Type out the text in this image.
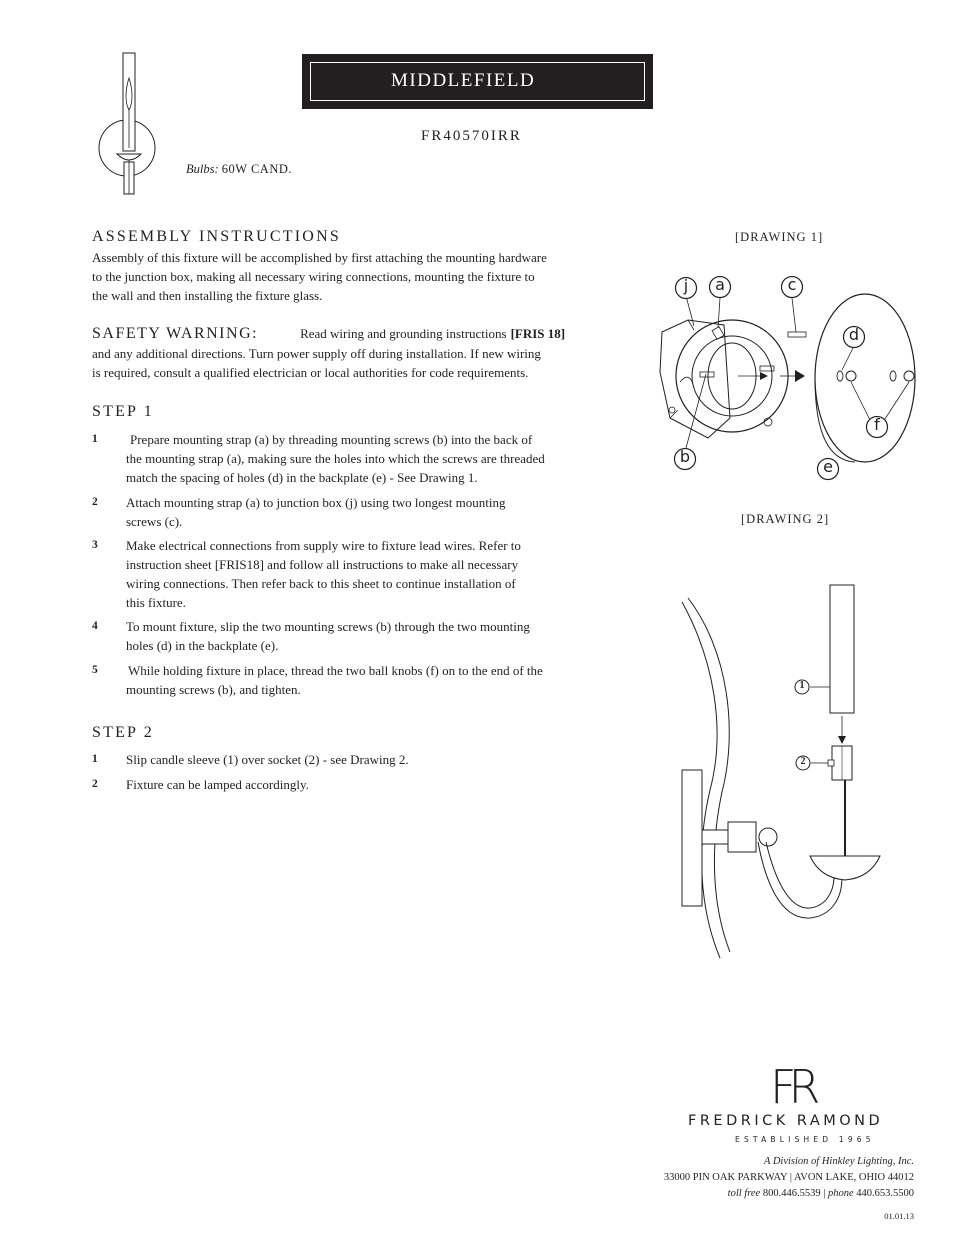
MIDDLEFIELD
FR40570IRR
Bulbs: 60W CAND.
ASSEMBLY INSTRUCTIONS
Assembly of this fixture will be accomplished by first attaching the mounting hardware
to the junction box, making all necessary wiring connections, mounting the fixture to
the wall and then installing the fixture glass.
SAFETY WARNING:	Read wiring and grounding instructions [FRIS 18]
and any additional directions. Turn power supply off during installation. If new wiring
is required, consult a qualified electrician or local authorities for code requirements.
STEP 1
1	Prepare mounting strap (a) by threading mounting screws (b) into the back of
the mounting strap (a), making sure the holes into which the screws are threaded
match the spacing of holes (d) in the backplate (e) - See Drawing 1.
2 Attach mounting strap (a) to junction box (j) using two longest mounting
screws (c).
3 Make electrical connections from supply wire to fixture lead wires. Refer to
instruction sheet [FRIS18] and follow all instructions to make all necessary
wiring connections. Then refer back to this sheet to continue installation of
this fixture.
4 To mount fixture, slip the two mounting screws (b) through the two mounting
holes (d) in the backplate (e).
5 While holding fixture in place, thread the two ball knobs (f) on to the end of the
mounting screws (b), and tighten.
STEP 2
1 Slip candle sleeve (1) over socket (2) - see Drawing 2.
2 Fixture can be lamped accordingly.
[DRAWING 1]
j	a	c
d
f
b
e
[DRAWING 2]
1
2
FR
FREDRICK RAMOND
ESTABLISHED 1965
A Division of Hinkley Lighting, Inc.
33000 PIN OAK PARKWAY | AVON LAKE, OHIO 44012
toll free 800.446.5539 | phone 440.653.5500
01.01.13
